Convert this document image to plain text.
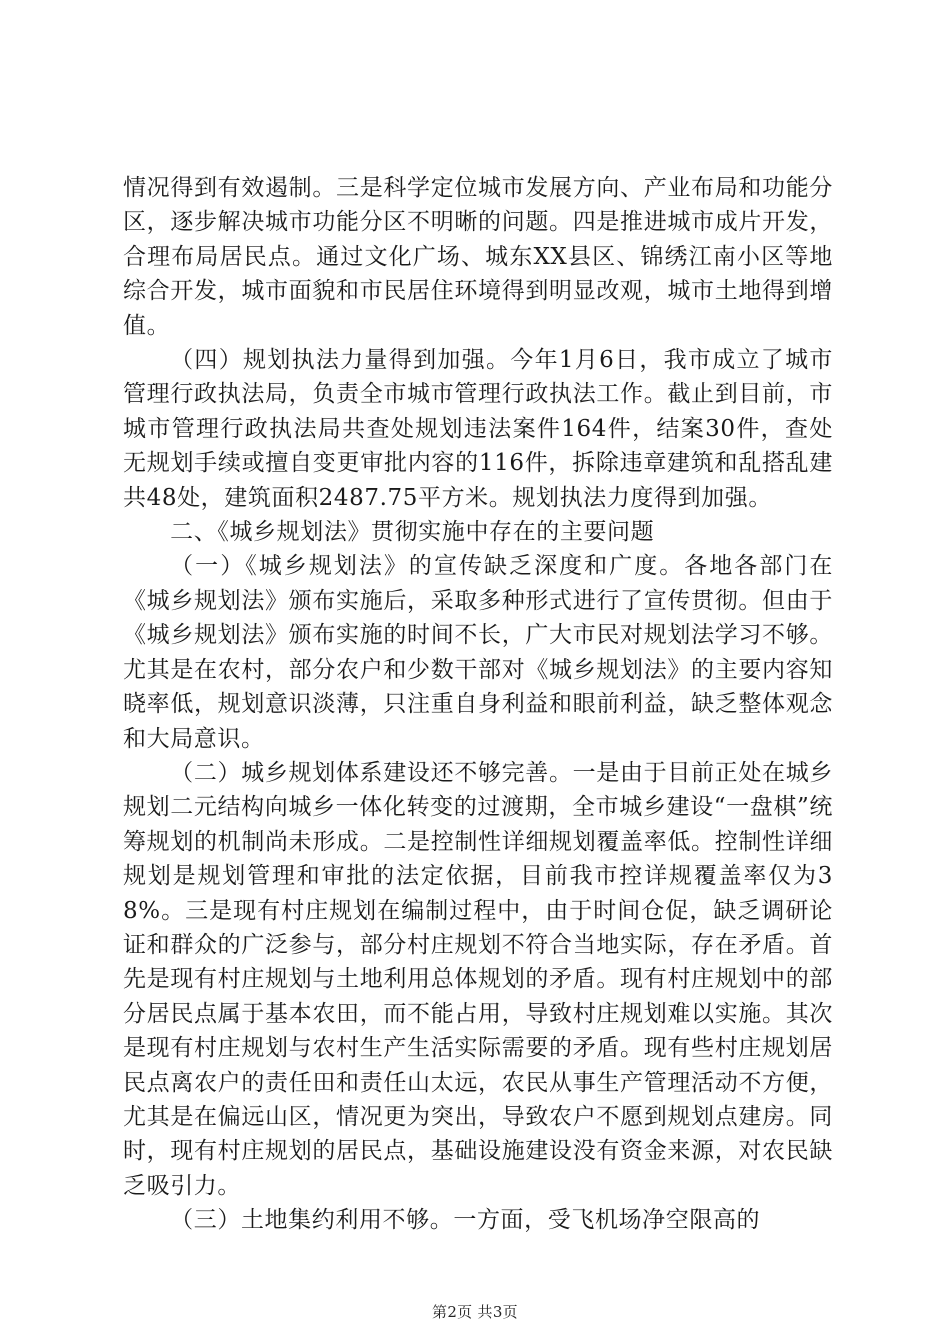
情况得到有效遏制。三是科学定位城市发展方向、产业布局和功能分区，逐步解决城市功能分区不明晰的问题。四是推进城市成片开发，合理布局居民点。通过文化广场、城东XX县区、锦绣江南小区等地综合开发，城市面貌和市民居住环境得到明显改观，城市土地得到增值。

（四）规划执法力量得到加强。今年1月6日，我市成立了城市管理行政执法局，负责全市城市管理行政执法工作。截止到目前，市城市管理行政执法局共查处规划违法案件164件，结案30件，查处无规划手续或擅自变更审批内容的116件，拆除违章建筑和乱搭乱建共48处，建筑面积2487.75平方米。规划执法力度得到加强。

二、《城乡规划法》贯彻实施中存在的主要问题

（一）《城乡规划法》的宣传缺乏深度和广度。各地各部门在《城乡规划法》颁布实施后，采取多种形式进行了宣传贯彻。但由于《城乡规划法》颁布实施的时间不长，广大市民对规划法学习不够。尤其是在农村，部分农户和少数干部对《城乡规划法》的主要内容知晓率低，规划意识淡薄，只注重自身利益和眼前利益，缺乏整体观念和大局意识。

（二）城乡规划体系建设还不够完善。一是由于目前正处在城乡规划二元结构向城乡一体化转变的过渡期，全市城乡建设“一盘棋”统筹规划的机制尚未形成。二是控制性详细规划覆盖率低。控制性详细规划是规划管理和审批的法定依据，目前我市控详规覆盖率仅为38%。三是现有村庄规划在编制过程中，由于时间仓促，缺乏调研论证和群众的广泛参与，部分村庄规划不符合当地实际，存在矛盾。首先是现有村庄规划与土地利用总体规划的矛盾。现有村庄规划中的部分居民点属于基本农田，而不能占用，导致村庄规划难以实施。其次是现有村庄规划与农村生产生活实际需要的矛盾。现有些村庄规划居民点离农户的责任田和责任山太远，农民从事生产管理活动不方便，尤其是在偏远山区，情况更为突出，导致农户不愿到规划点建房。同时，现有村庄规划的居民点，基础设施建设没有资金来源，对农民缺乏吸引力。

（三）土地集约利用不够。一方面，受飞机场净空限高的

第2页 共3页
